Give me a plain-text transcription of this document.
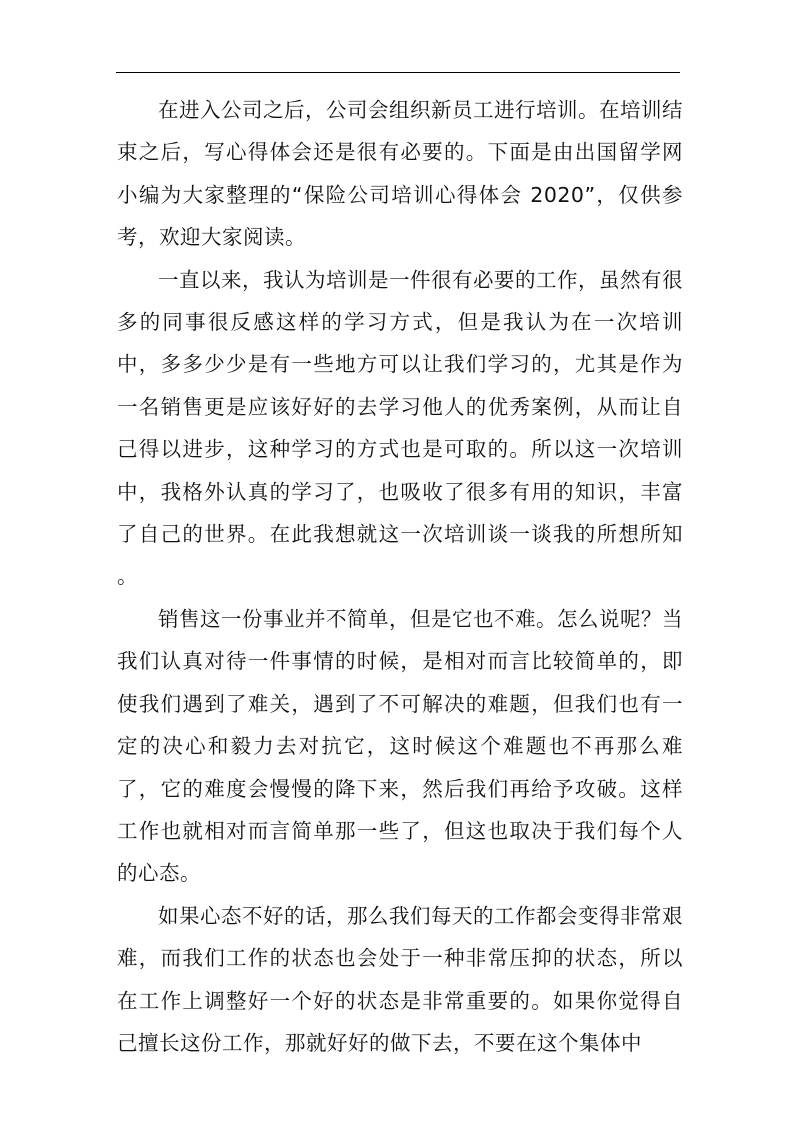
在进入公司之后，公司会组织新员工进行培训。在培训结束之后，写心得体会还是很有必要的。下面是由出国留学网小编为大家整理的“保险公司培训心得体会 2020”，仅供参考，欢迎大家阅读。

一直以来，我认为培训是一件很有必要的工作，虽然有很多的同事很反感这样的学习方式，但是我认为在一次培训中，多多少少是有一些地方可以让我们学习的，尤其是作为一名销售更是应该好好的去学习他人的优秀案例，从而让自己得以进步，这种学习的方式也是可取的。所以这一次培训中，我格外认真的学习了，也吸收了很多有用的知识，丰富了自己的世界。在此我想就这一次培训谈一谈我的所想所知 。

销售这一份事业并不简单，但是它也不难。怎么说呢？当我们认真对待一件事情的时候，是相对而言比较简单的，即使我们遇到了难关，遇到了不可解决的难题，但我们也有一定的决心和毅力去对抗它，这时候这个难题也不再那么难了，它的难度会慢慢的降下来，然后我们再给予攻破。这样工作也就相对而言简单那一些了，但这也取决于我们每个人的心态。

如果心态不好的话，那么我们每天的工作都会变得非常艰难，而我们工作的状态也会处于一种非常压抑的状态，所以在工作上调整好一个好的状态是非常重要的。如果你觉得自己擅长这份工作，那就好好的做下去，不要在这个集体中
